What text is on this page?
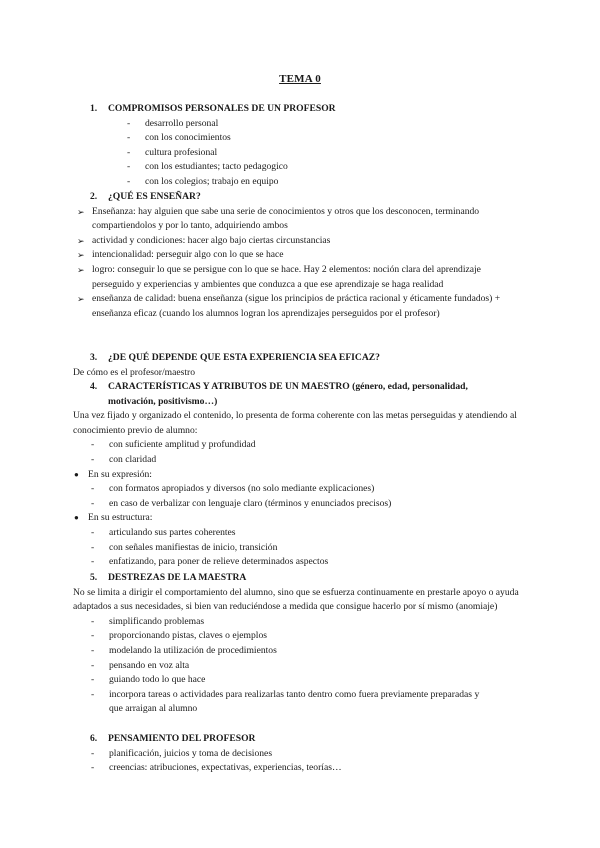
TEMA 0
1. COMPROMISOS PERSONALES DE UN PROFESOR
- desarrollo personal
- con los conocimientos
- cultura profesional
- con los estudiantes; tacto pedagogico
- con los colegios; trabajo en equipo
2. ¿QUÉ ES ENSEÑAR?
➢ Enseñanza: hay alguien que sabe una serie de conocimientos y otros que los desconocen, terminando compartiendolos y por lo tanto, adquiriendo ambos
➢ actividad y condiciones: hacer algo bajo ciertas circunstancias
➢ intencionalidad: perseguir algo con lo que se hace
➢ logro: conseguir lo que se persigue con lo que se hace. Hay 2 elementos: noción clara del aprendizaje perseguido y experiencias y ambientes que conduzca a que ese aprendizaje se haga realidad
➢ enseñanza de calidad: buena enseñanza (sigue los principios de práctica racional y éticamente fundados) + enseñanza eficaz (cuando los alumnos logran los aprendizajes perseguidos por el profesor)
3. ¿DE QUÉ DEPENDE QUE ESTA EXPERIENCIA SEA EFICAZ?
De cómo es el profesor/maestro
4. CARACTERÍSTICAS Y ATRIBUTOS DE UN MAESTRO (género, edad, personalidad,
motivación, positivismo…)
Una vez fijado y organizado el contenido, lo presenta de forma coherente con las metas perseguidas y atendiendo al conocimiento previo de alumno:
- con suficiente amplitud y profundidad
- con claridad
● En su expresión:
- con formatos apropiados y diversos (no solo mediante explicaciones)
- en caso de verbalizar con lenguaje claro (términos y enunciados precisos)
● En su estructura:
- articulando sus partes coherentes
- con señales manifiestas de inicio, transición
- enfatizando, para poner de relieve determinados aspectos
5. DESTREZAS DE LA MAESTRA
No se limita a dirigir el comportamiento del alumno, sino que se esfuerza continuamente en prestarle apoyo o ayuda adaptados a sus necesidades, si bien van reduciéndose a medida que consigue hacerlo por sí mismo (anomiaje)
- simplificando problemas
- proporcionando pistas, claves o ejemplos
- modelando la utilización de procedimientos
- pensando en voz alta
- guiando todo lo que hace
- incorpora tareas o actividades para realizarlas tanto dentro como fuera previamente preparadas y que arraigan al alumno
6. PENSAMIENTO DEL PROFESOR
- planificación, juicios y toma de decisiones
- creencias: atribuciones, expectativas, experiencias, teorías…
